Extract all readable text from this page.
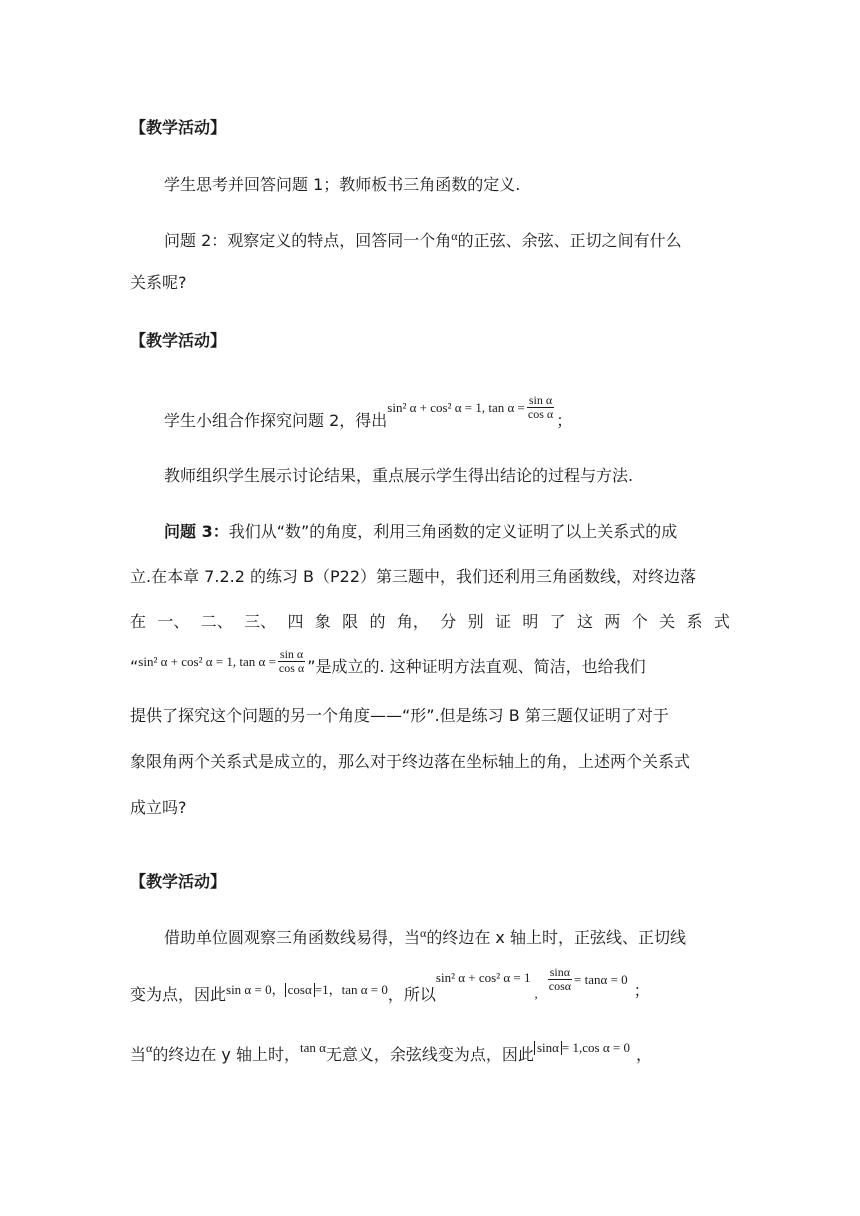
【教学活动】
学生思考并回答问题 1；教师板书三角函数的定义.
问题 2：观察定义的特点，回答同一个角α的正弦、余弦、正切之间有什么
关系呢?
【教学活动】
学生小组合作探究问题 2，得出sin² α + cos² α = 1, $\tan \alpha = \frac{\text{sin α}}{\text{cos α}}$ ；
教师组织学生展示讨论结果，重点展示学生得出结论的过程与方法.
问题 3：我们从“数”的角度，利用三角函数的定义证明了以上关系式的成
立.在本章 7.2.2 的练习 B（P22）第三题中，我们还利用三角函数线，对终边落
在 一、 二、 三、 四 象 限 的 角， 分 别 证 明 了 这 两 个 关 系 式
“sin² α + cos² α = 1, $\tan \alpha = \frac{\text{sin α}}{\text{cos α}}$ ”是成立的. 这种证明方法直观、简洁，也给我们
提供了探究这个问题的另一个角度——“形”.但是练习 B 第三题仅证明了对于
象限角两个关系式是成立的，那么对于终边落在坐标轴上的角，上述两个关系式
成立吗?
【教学活动】
借助单位圆观察三角函数线易得，当α的终边在 x 轴上时，正弦线、正切线
变为点，因此sin α = 0， cosα =1，tan α = 0，所以sin² α + cos² α = 1, $\frac{\sin\alpha}{\cos\alpha} = \tan\alpha = 0$；
当α的终边在 y 轴上时，tan α无意义，余弦线变为点，因此 sinα = 1,cos α = 0 ，
